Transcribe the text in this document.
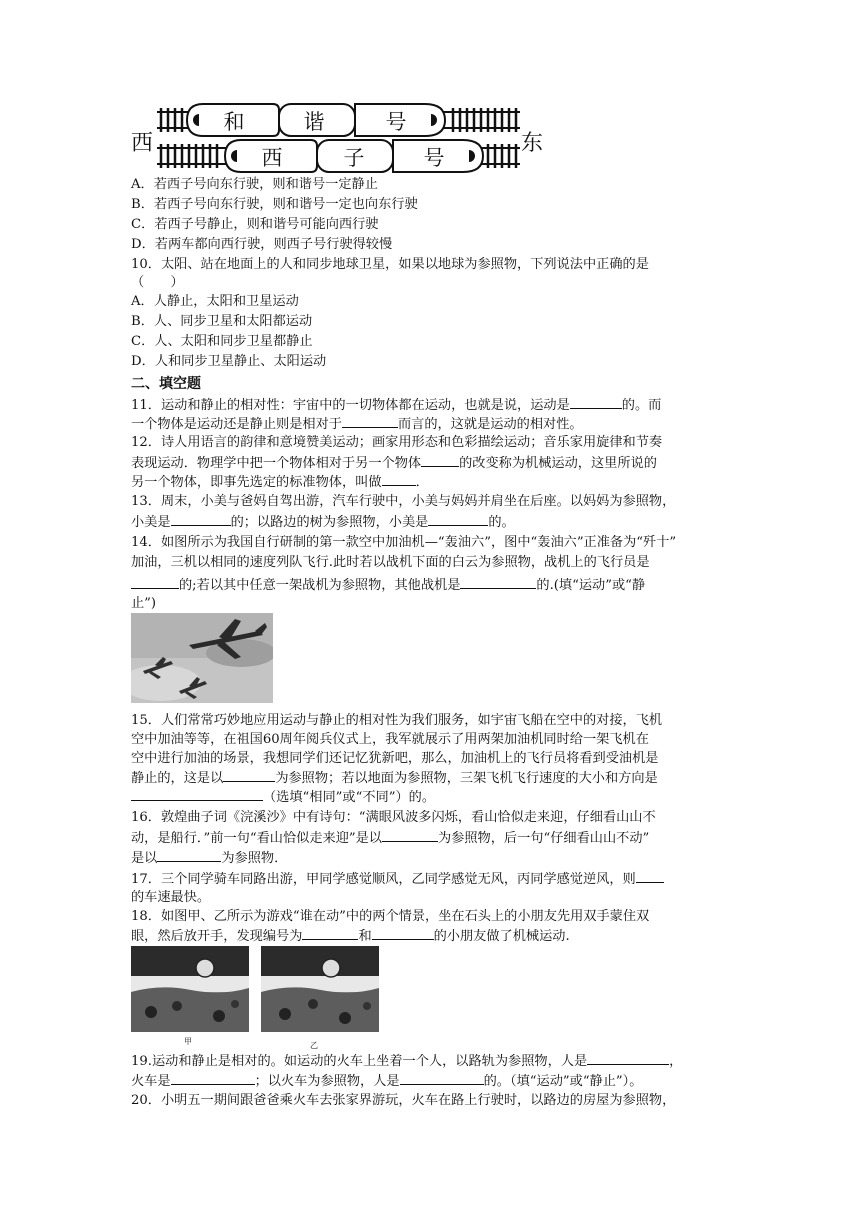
西	东
和	谐	号
西	子	号
A．若西子号向东行驶，则和谐号一定静止
B．若西子号向东行驶，则和谐号一定也向东行驶
C．若西子号静止，则和谐号可能向西行驶
D．若两车都向西行驶，则西子号行驶得较慢
10．太阳、站在地面上的人和同步地球卫星，如果以地球为参照物，下列说法中正确的是
（　　）
A．人静止，太阳和卫星运动
B．人、同步卫星和太阳都运动
C．人、太阳和同步卫星都静止
D．人和同步卫星静止、太阳运动
二、填空题
11．运动和静止的相对性：宇宙中的一切物体都在运动，也就是说，运动是	的。而
一个物体是运动还是静止则是相对于	而言的，这就是运动的相对性。
12．诗人用语言的韵律和意境赞美运动；画家用形态和色彩描绘运动；音乐家用旋律和节奏
表现运动．物理学中把一个物体相对于另一个物体	的改变称为机械运动，这里所说的
另一个物体，即事先选定的标准物体，叫做	．
13．周末，小美与爸妈自驾出游，汽车行驶中，小美与妈妈并肩坐在后座。以妈妈为参照物，
小美是	的；以路边的树为参照物，小美是	的。
14．如图所示为我国自行研制的第一款空中加油机—“轰油六”，图中“轰油六”正准备为“歼十”
加油，三机以相同的速度列队飞行.此时若以战机下面的白云为参照物，战机上的飞行员是
的;若以其中任意一架战机为参照物，其他战机是	的.(填“运动”或“静
止”)
15．人们常常巧妙地应用运动与静止的相对性为我们服务，如宇宙飞船在空中的对接，飞机
空中加油等等，在祖国60周年阅兵仪式上，我军就展示了用两架加油机同时给一架飞机在
空中进行加油的场景，我想同学们还记忆犹新吧，那么，加油机上的飞行员将看到受油机是
静止的，这是以	为参照物；若以地面为参照物，三架飞机飞行速度的大小和方向是
（选填“相同”或“不同”）的。
16．敦煌曲子词《浣溪沙》中有诗句：“满眼风波多闪烁，看山恰似走来迎，仔细看山山不
动，是船行．”前一句“看山恰似走来迎”是以	为参照物，后一句“仔细看山山不动”
是以	为参照物．
17．三个同学骑车同路出游，甲同学感觉顺风，乙同学感觉无风，丙同学感觉逆风，则
的车速最快。
18．如图甲、乙所示为游戏“谁在动”中的两个情景，坐在石头上的小朋友先用双手蒙住双
眼，然后放开手，发现编号为	和	的小朋友做了机械运动.
甲	乙
19.运动和静止是相对的。如运动的火车上坐着一个人，以路轨为参照物，人是	，
火车是	；以火车为参照物，人是	的。（填“运动”或“静止”）。
20．小明五一期间跟爸爸乘火车去张家界游玩，火车在路上行驶时，以路边的房屋为参照物，
